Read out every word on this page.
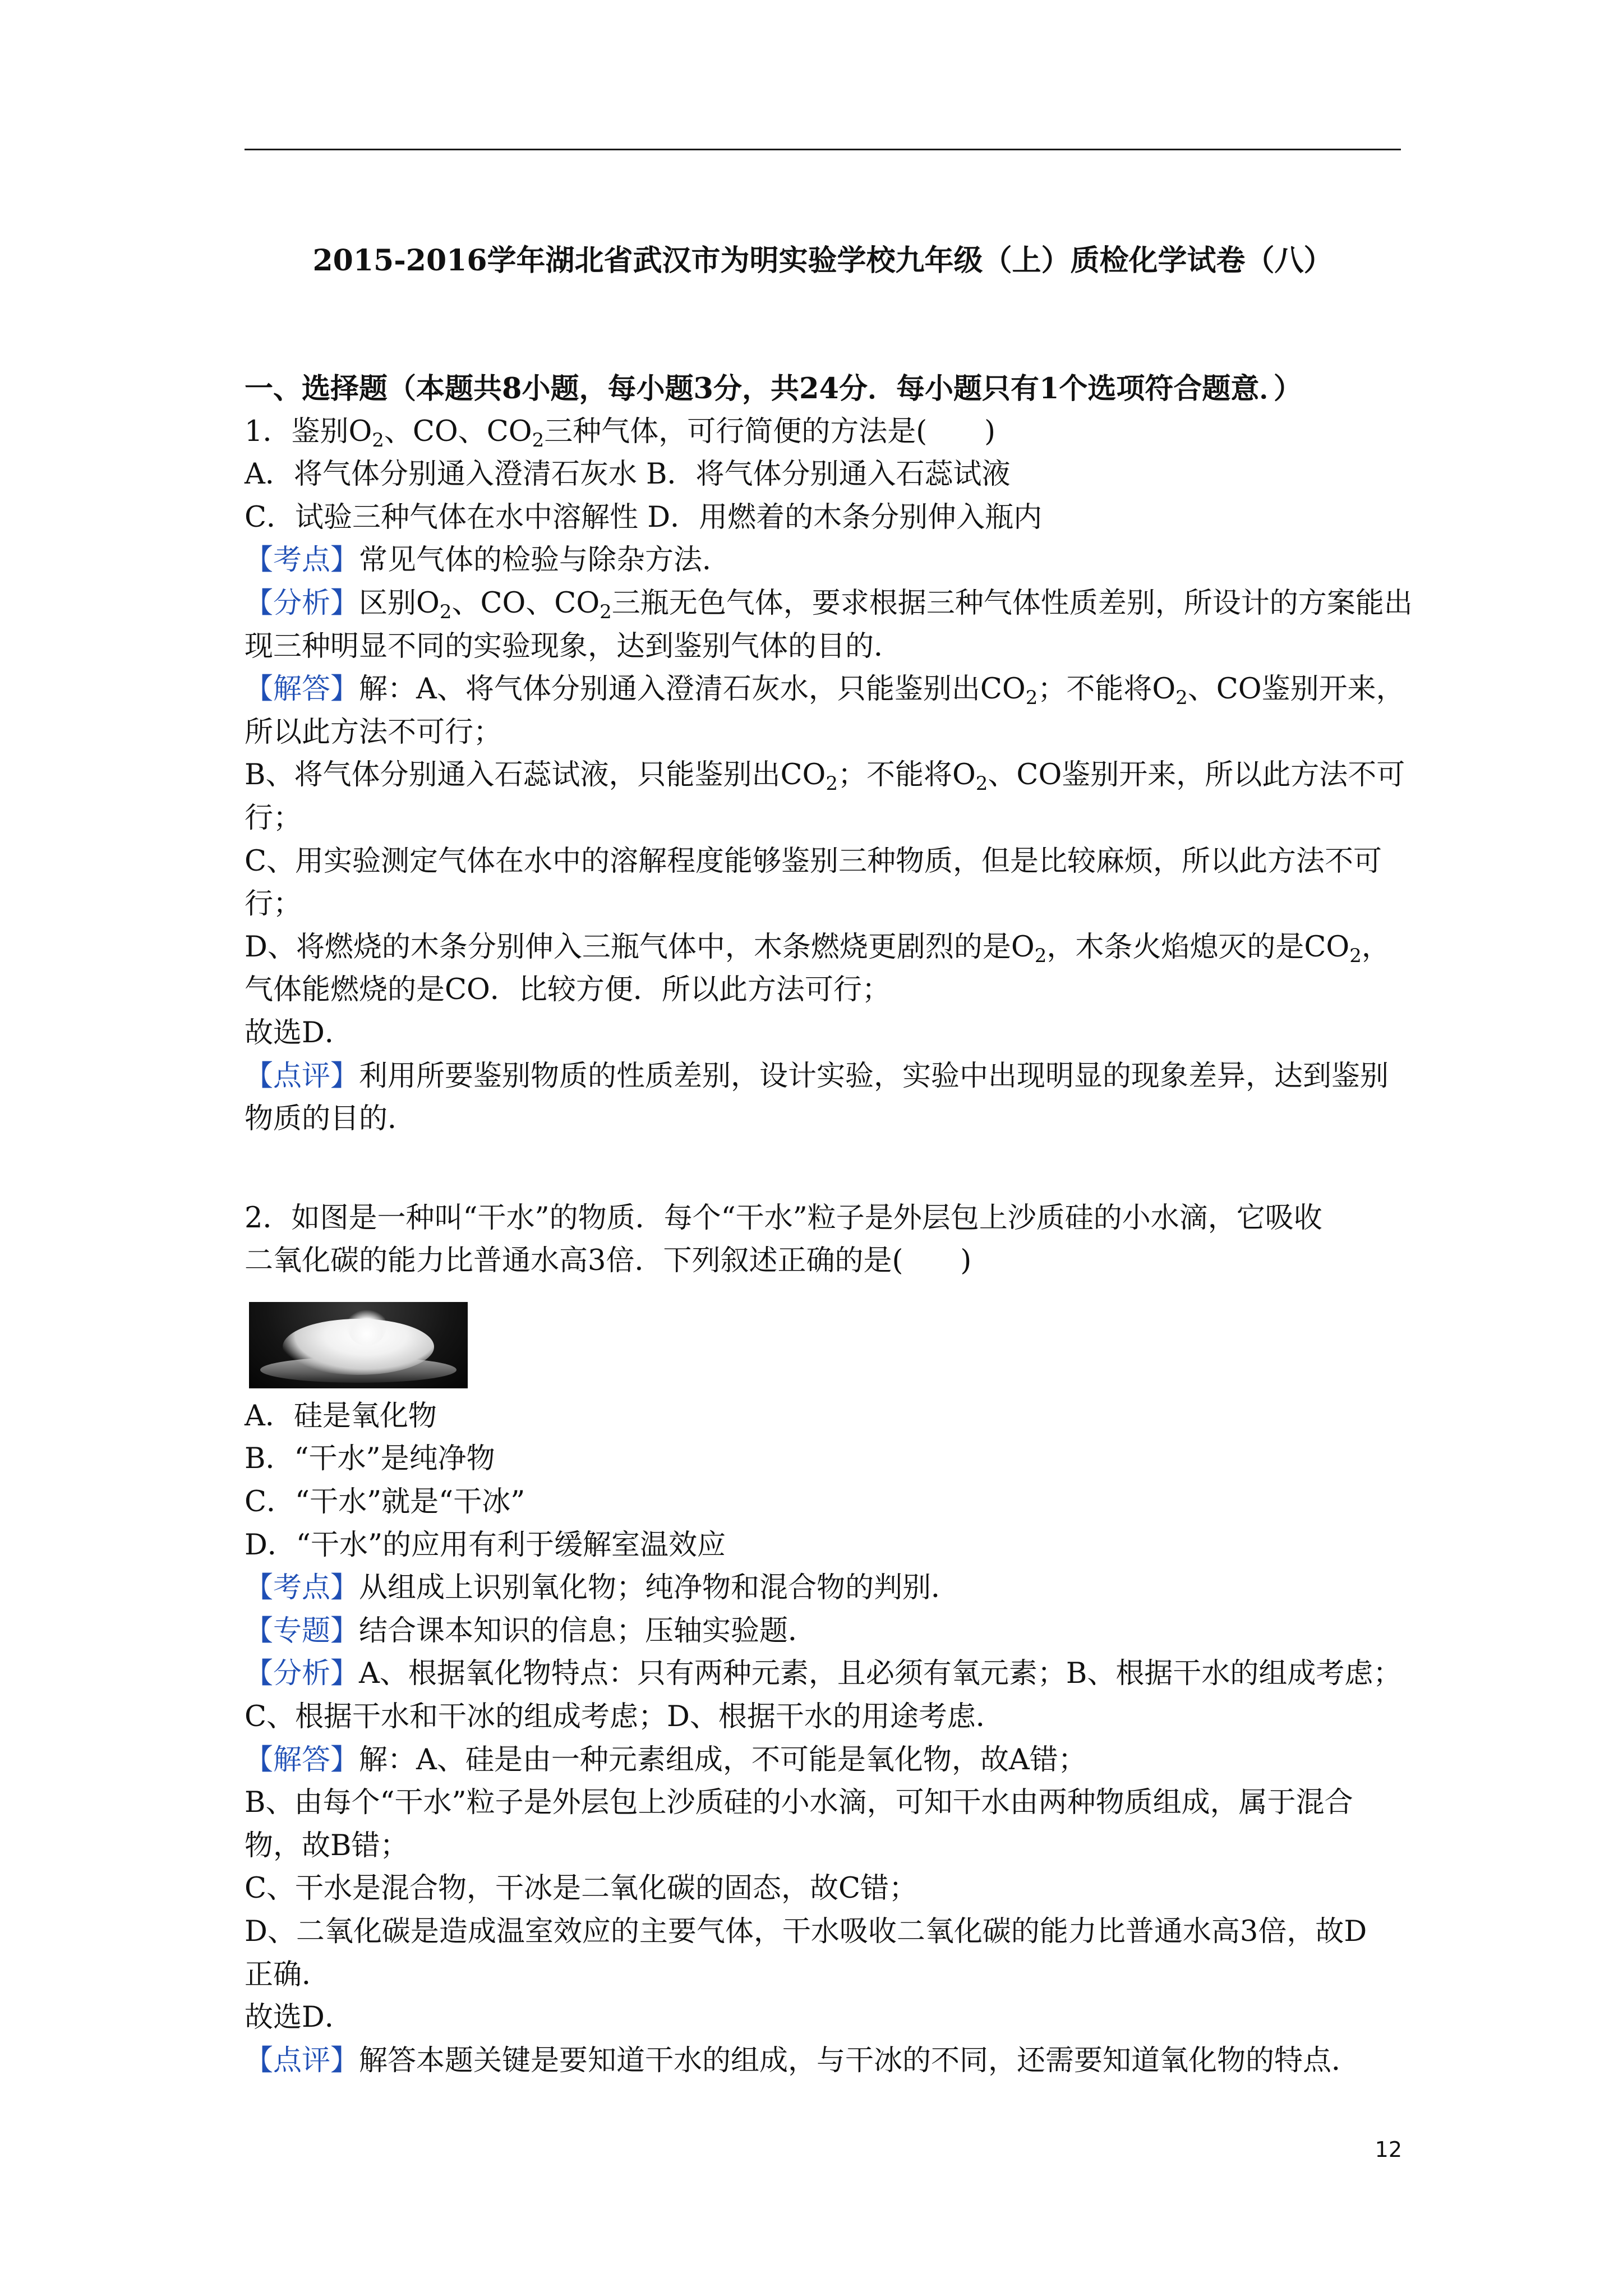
2015-2016学年湖北省武汉市为明实验学校九年级（上）质检化学试卷（八）
一、选择题（本题共8小题，每小题3分，共24分．每小题只有1个选项符合题意．）
1．鉴别$O_2$、CO、$CO_2$三种气体，可行简便的方法是(　　)
A．将气体分别通入澄清石灰水 B．将气体分别通入石蕊试液
C．试验三种气体在水中溶解性 D．用燃着的木条分别伸入瓶内
【考点】常见气体的检验与除杂方法．
【分析】区别$O_2$、CO、$CO_2$三瓶无色气体，要求根据三种气体性质差别，所设计的方案能出
现三种明显不同的实验现象，达到鉴别气体的目的．
【解答】解：A、将气体分别通入澄清石灰水，只能鉴别出$CO_2$；不能将$O_2$、CO鉴别开来，
所以此方法不可行；
B、将气体分别通入石蕊试液，只能鉴别出$CO_2$；不能将$O_2$、CO鉴别开来，所以此方法不可
行；
C、用实验测定气体在水中的溶解程度能够鉴别三种物质，但是比较麻烦，所以此方法不可
行；
D、将燃烧的木条分别伸入三瓶气体中，木条燃烧更剧烈的是$O_2$，木条火焰熄灭的是$CO_2$，
气体能燃烧的是CO．比较方便．所以此方法可行；
故选D．
【点评】利用所要鉴别物质的性质差别，设计实验，实验中出现明显的现象差异，达到鉴别
物质的目的．
2．如图是一种叫“干水”的物质．每个“干水”粒子是外层包上沙质硅的小水滴，它吸收
二氧化碳的能力比普通水高3倍．下列叙述正确的是(　　)
A．硅是氧化物
B．“干水”是纯净物
C．“干水”就是“干冰”
D．“干水”的应用有利于缓解室温效应
【考点】从组成上识别氧化物；纯净物和混合物的判别．
【专题】结合课本知识的信息；压轴实验题．
【分析】A、根据氧化物特点：只有两种元素，且必须有氧元素；B、根据干水的组成考虑；
C、根据干水和干冰的组成考虑；D、根据干水的用途考虑．
【解答】解：A、硅是由一种元素组成，不可能是氧化物，故A错；
B、由每个“干水”粒子是外层包上沙质硅的小水滴，可知干水由两种物质组成，属于混合
物，故B错；
C、干水是混合物，干冰是二氧化碳的固态，故C错；
D、二氧化碳是造成温室效应的主要气体，干水吸收二氧化碳的能力比普通水高3倍，故D
正确．
故选D．
【点评】解答本题关键是要知道干水的组成，与干冰的不同，还需要知道氧化物的特点．
12
